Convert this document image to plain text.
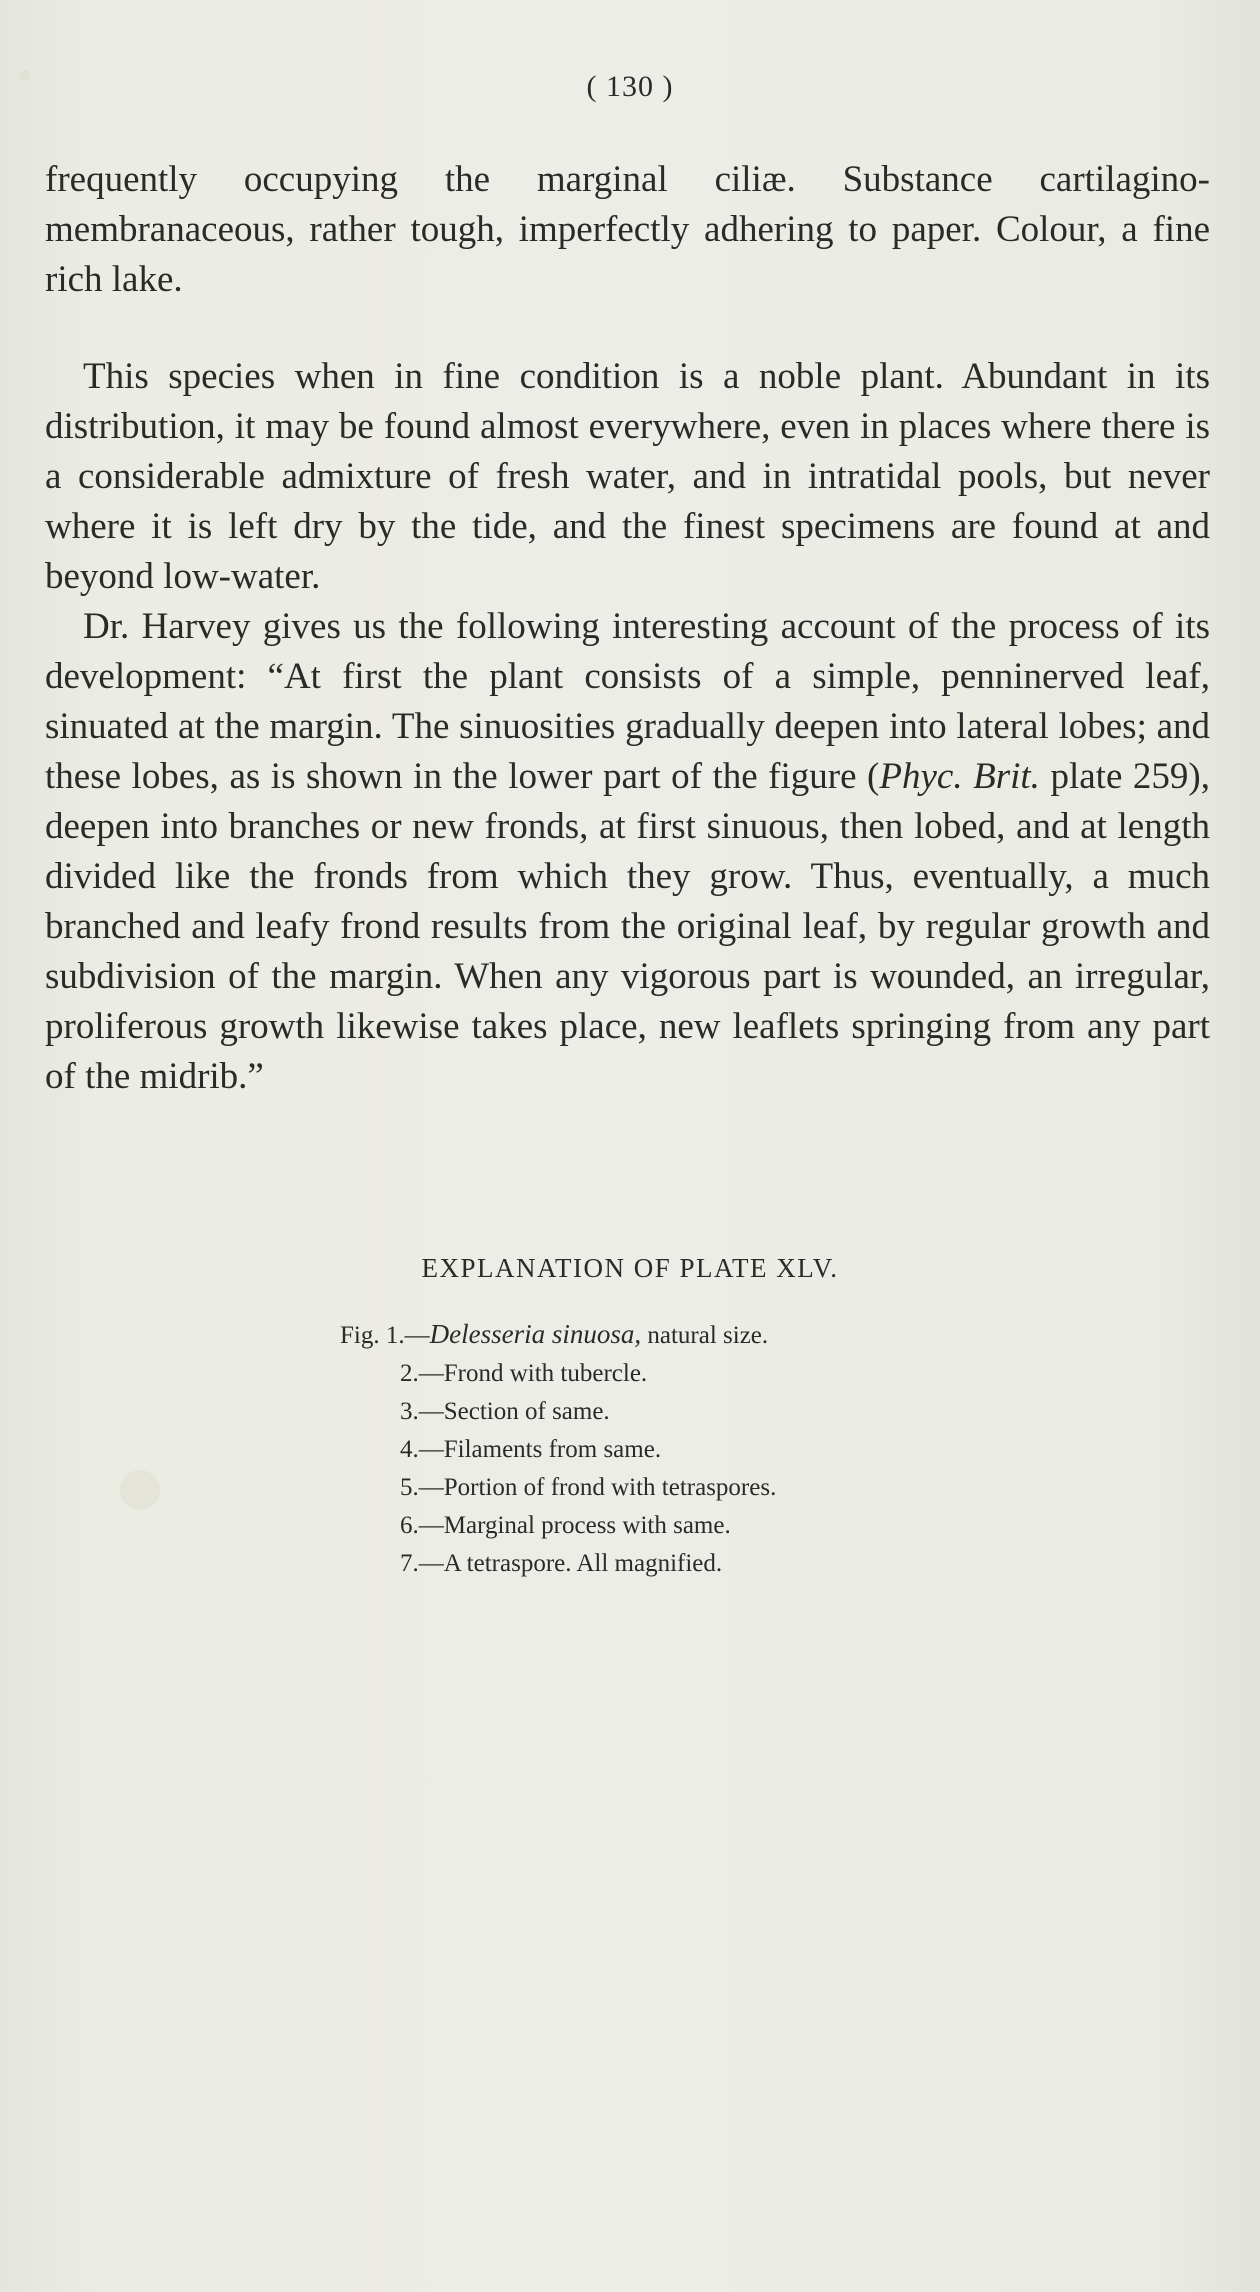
( 130 )

frequently occupying the marginal ciliæ. Substance cartilagino-membranaceous, rather tough, imperfectly adhering to paper. Colour, a fine rich lake.

This species when in fine condition is a noble plant. Abundant in its distribution, it may be found almost everywhere, even in places where there is a considerable admixture of fresh water, and in intratidal pools, but never where it is left dry by the tide, and the finest specimens are found at and beyond low-water.

Dr. Harvey gives us the following interesting account of the process of its development: “At first the plant consists of a simple, penninerved leaf, sinuated at the margin. The sinuosities gradually deepen into lateral lobes; and these lobes, as is shown in the lower part of the figure (Phyc. Brit. plate 259), deepen into branches or new fronds, at first sinuous, then lobed, and at length divided like the fronds from which they grow. Thus, eventually, a much branched and leafy frond results from the original leaf, by regular growth and subdivision of the margin. When any vigorous part is wounded, an irregular, proliferous growth likewise takes place, new leaflets springing from any part of the midrib.”

EXPLANATION OF PLATE XLV.
Fig. 1.—Delesseria sinuosa, natural size.
2.—Frond with tubercle.
3.—Section of same.
4.—Filaments from same.
5.—Portion of frond with tetraspores.
6.—Marginal process with same.
7.—A tetraspore. All magnified.
